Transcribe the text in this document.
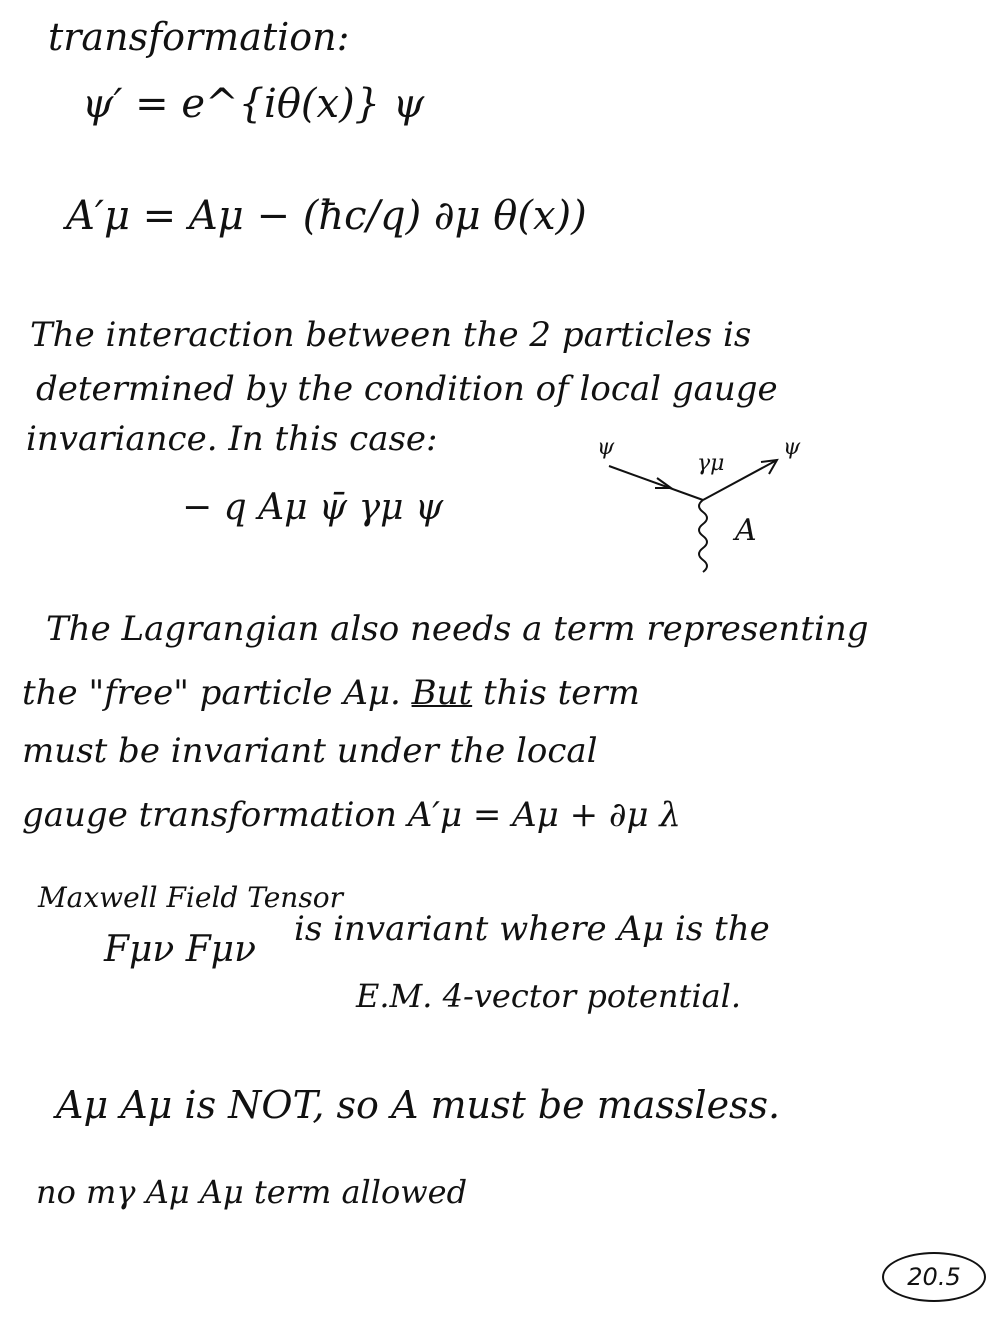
transformation:
ψ′ = e^{iθ(x)} ψ
A′μ = Aμ − (ħc/q) ∂μ θ(x))
The interaction between the 2 particles is
determined by the condition of local gauge
invariance. In this case:
− q Aμ ψ̄ γμ ψ
ψ
γμ
ψ
A
The Lagrangian also needs a term representing
the "free" particle Aμ. But this term
must be invariant under the local
gauge transformation A′μ = Aμ + ∂μ λ
Maxwell Field Tensor
Fμν Fμν is invariant where Aμ is the
E.M. 4-vector potential.
Aμ Aμ is NOT, so A must be massless.
no mγ Aμ Aμ term allowed
20.5
